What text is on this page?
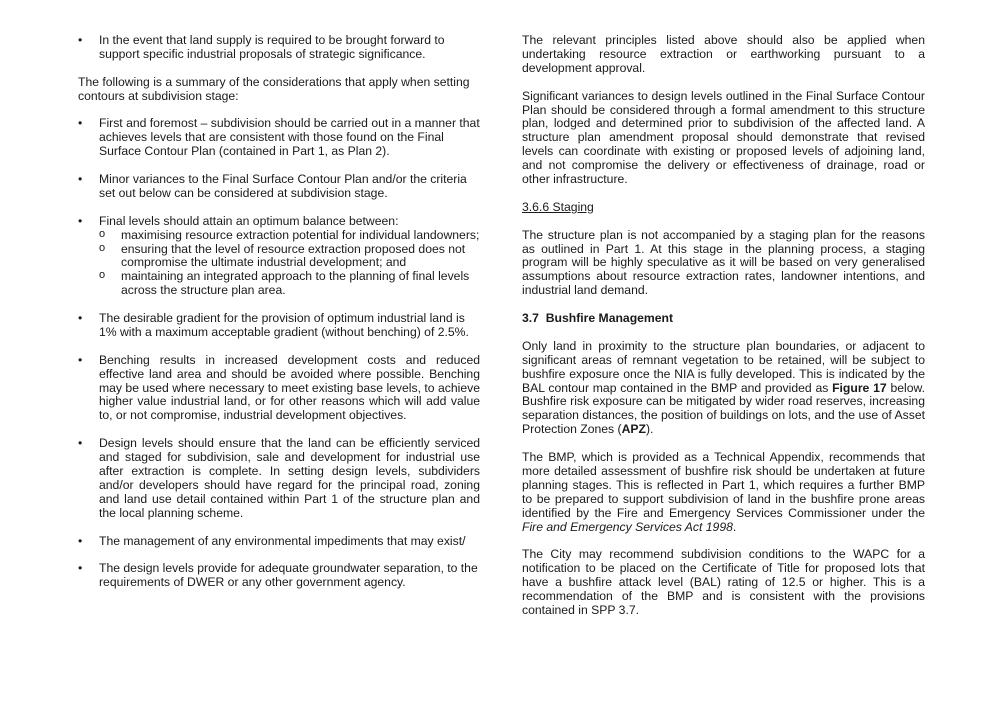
• In the event that land supply is required to be brought forward to support specific industrial proposals of strategic significance.

The following is a summary of the considerations that apply when setting contours at subdivision stage:

• First and foremost – subdivision should be carried out in a manner that achieves levels that are consistent with those found on the Final Surface Contour Plan (contained in Part 1, as Plan 2).
• Minor variances to the Final Surface Contour Plan and/or the criteria set out below can be considered at subdivision stage.
• Final levels should attain an optimum balance between:
o maximising resource extraction potential for individual landowners;
o ensuring that the level of resource extraction proposed does not compromise the ultimate industrial development; and
o maintaining an integrated approach to the planning of final levels across the structure plan area.
• The desirable gradient for the provision of optimum industrial land is 1% with a maximum acceptable gradient (without benching) of 2.5%.
• Benching results in increased development costs and reduced effective land area and should be avoided where possible. Benching may be used where necessary to meet existing base levels, to achieve higher value industrial land, or for other reasons which will add value to, or not compromise, industrial development objectives.
• Design levels should ensure that the land can be efficiently serviced and staged for subdivision, sale and development for industrial use after extraction is complete. In setting design levels, subdividers and/or developers should have regard for the principal road, zoning and land use detail contained within Part 1 of the structure plan and the local planning scheme.
• The management of any environmental impediments that may exist/
• The design levels provide for adequate groundwater separation, to the requirements of DWER or any other government agency.

The relevant principles listed above should also be applied when undertaking resource extraction or earthworking pursuant to a development approval.

Significant variances to design levels outlined in the Final Surface Contour Plan should be considered through a formal amendment to this structure plan, lodged and determined prior to subdivision of the affected land. A structure plan amendment proposal should demonstrate that revised levels can coordinate with existing or proposed levels of adjoining land, and not compromise the delivery or effectiveness of drainage, road or other infrastructure.

3.6.6 Staging

The structure plan is not accompanied by a staging plan for the reasons as outlined in Part 1. At this stage in the planning process, a staging program will be highly speculative as it will be based on very generalised assumptions about resource extraction rates, landowner intentions, and industrial land demand.

3.7 Bushfire Management

Only land in proximity to the structure plan boundaries, or adjacent to significant areas of remnant vegetation to be retained, will be subject to bushfire exposure once the NIA is fully developed. This is indicated by the BAL contour map contained in the BMP and provided as Figure 17 below. Bushfire risk exposure can be mitigated by wider road reserves, increasing separation distances, the position of buildings on lots, and the use of Asset Protection Zones (APZ).

The BMP, which is provided as a Technical Appendix, recommends that more detailed assessment of bushfire risk should be undertaken at future planning stages. This is reflected in Part 1, which requires a further BMP to be prepared to support subdivision of land in the bushfire prone areas identified by the Fire and Emergency Services Commissioner under the Fire and Emergency Services Act 1998.

The City may recommend subdivision conditions to the WAPC for a notification to be placed on the Certificate of Title for proposed lots that have a bushfire attack level (BAL) rating of 12.5 or higher. This is a recommendation of the BMP and is consistent with the provisions contained in SPP 3.7.
